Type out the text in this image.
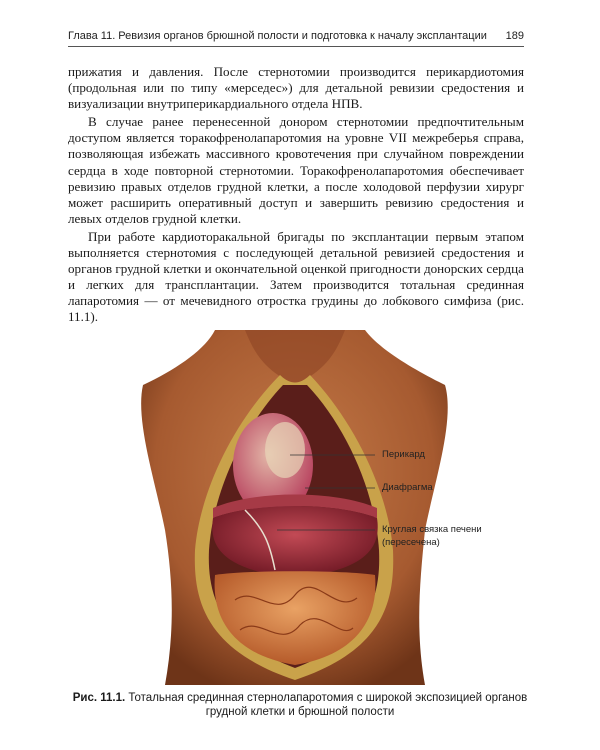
Глава 11. Ревизия органов брюшной полости и подготовка к началу эксплантации 189

прижатия и давления. После стернотомии производится перикардиотомия (продольная или по типу «мерседес») для детальной ревизии средостения и визуализации внутриперикардиального отдела НПВ.

В случае ранее перенесенной донором стернотомии предпочтительным доступом является торакофренолапаротомия на уровне VII межреберья справа, позволяющая избежать массивного кровотечения при случайном повреждении сердца в ходе повторной стернотомии. Торакофренолапаротомия обеспечивает ревизию правых отделов грудной клетки, а после холодовой перфузии хирург может расширить оперативный доступ и завершить ревизию средостения и левых отделов грудной клетки.

При работе кардиоторакальной бригады по эксплантации первым этапом выполняется стернотомия с последующей детальной ревизией средостения и органов грудной клетки и окончательной оценкой пригодности донорских сердца и легких для трансплантации. Затем производится тотальная срединная лапаротомия — от мечевидного отростка грудины до лобкового симфиза (рис. 11.1).

Перикард
Диафрагма
Круглая связка печени
(пересечена)
Рис. 11.1. Тотальная срединная стернолапаротомия с широкой экспозицией органов грудной клетки и брюшной полости
